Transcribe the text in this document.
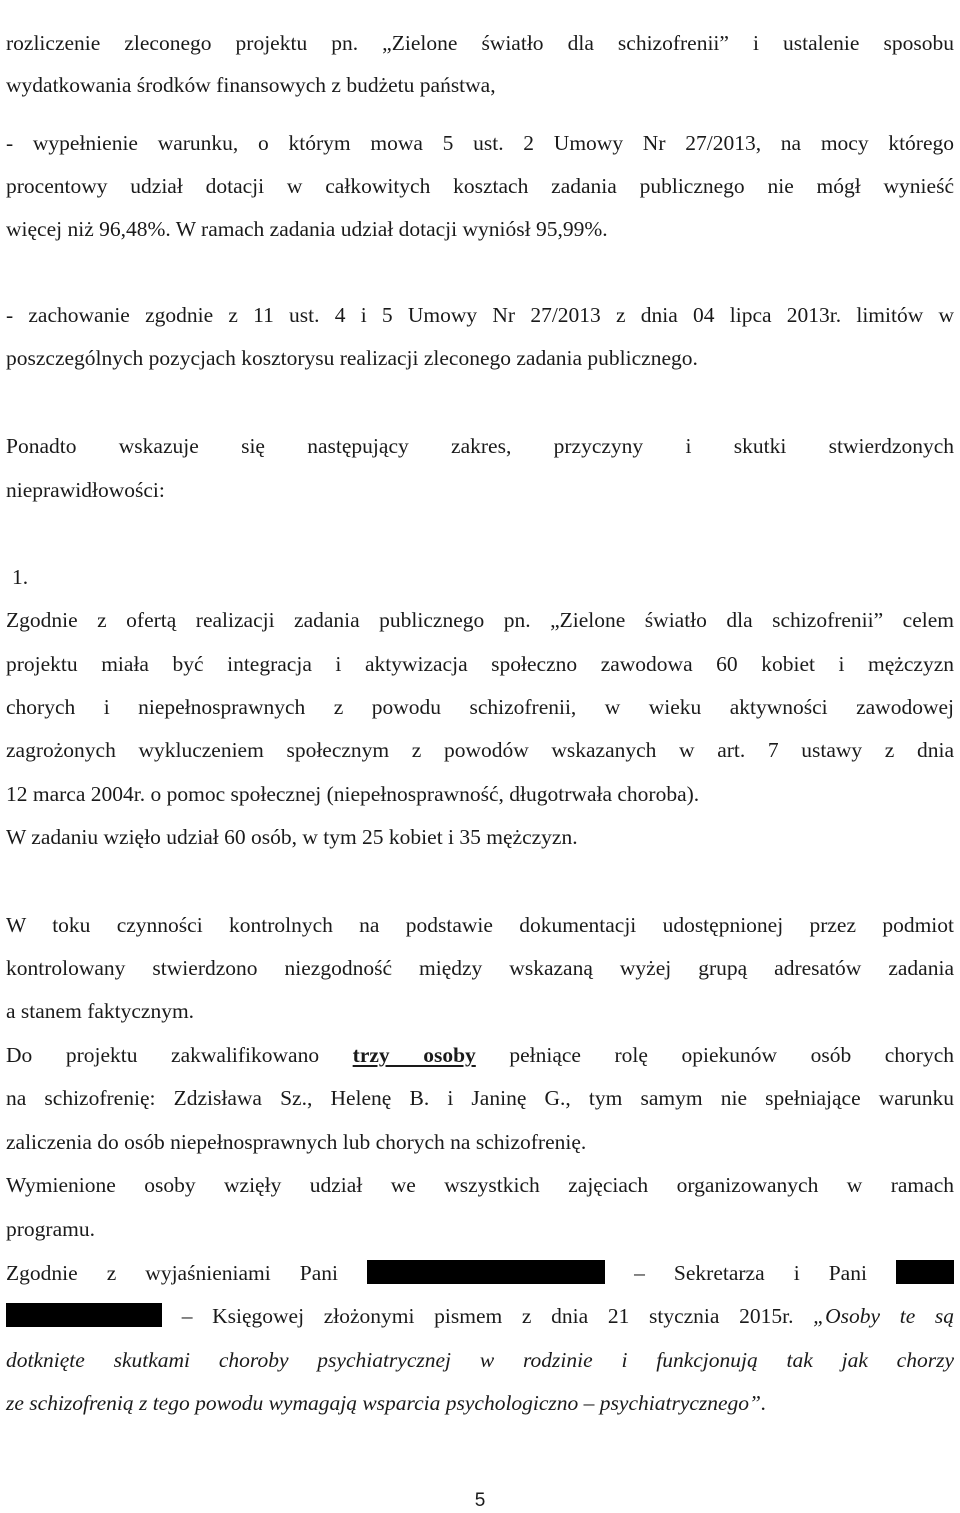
rozliczenie zleconego projektu pn. „Zielone światło dla schizofrenii” i ustalenie sposobu
wydatkowania środków finansowych z budżetu państwa,
- wypełnienie warunku, o którym mowa 5 ust. 2 Umowy Nr 27/2013, na mocy którego
procentowy udział dotacji w całkowitych kosztach zadania publicznego nie mógł wynieść
więcej niż 96,48%. W ramach zadania udział dotacji wyniósł 95,99%.
- zachowanie zgodnie z 11 ust. 4 i 5 Umowy Nr 27/2013 z dnia 04 lipca 2013r. limitów w
poszczególnych pozycjach kosztorysu realizacji zleconego zadania publicznego.
Ponadto wskazuje się następujący zakres, przyczyny i skutki stwierdzonych
nieprawidłowości:
1.
Zgodnie z ofertą realizacji zadania publicznego pn. „Zielone światło dla schizofrenii” celem
projektu miała być integracja i aktywizacja społeczno zawodowa 60 kobiet i mężczyzn
chorych i niepełnosprawnych z powodu schizofrenii, w wieku aktywności zawodowej
zagrożonych wykluczeniem społecznym z powodów wskazanych w art. 7 ustawy z dnia
12 marca 2004r. o pomoc społecznej (niepełnosprawność, długotrwała choroba).
W zadaniu wzięło udział 60 osób, w tym 25 kobiet i 35 mężczyzn.
W toku czynności kontrolnych na podstawie dokumentacji udostępnionej przez podmiot
kontrolowany stwierdzono niezgodność między wskazaną wyżej grupą adresatów zadania
a stanem faktycznym.
Do projektu zakwalifikowano trzy osoby pełniące rolę opiekunów osób chorych
na schizofrenię: Zdzisława Sz., Helenę B. i Janinę G., tym samym nie spełniające warunku
zaliczenia do osób niepełnosprawnych lub chorych na schizofrenię.
Wymienione osoby wzięły udział we wszystkich zajęciach organizowanych w ramach
programu.
Zgodnie z wyjaśnieniami Pani	– Sekretarza i Pani
– Księgowej złożonymi pismem z dnia 21 stycznia 2015r. „Osoby te są
dotknięte skutkami choroby psychiatrycznej w rodzinie i funkcjonują tak jak chorzy
ze schizofrenią z tego powodu wymagają wsparcia psychologiczno – psychiatrycznego”.
5
